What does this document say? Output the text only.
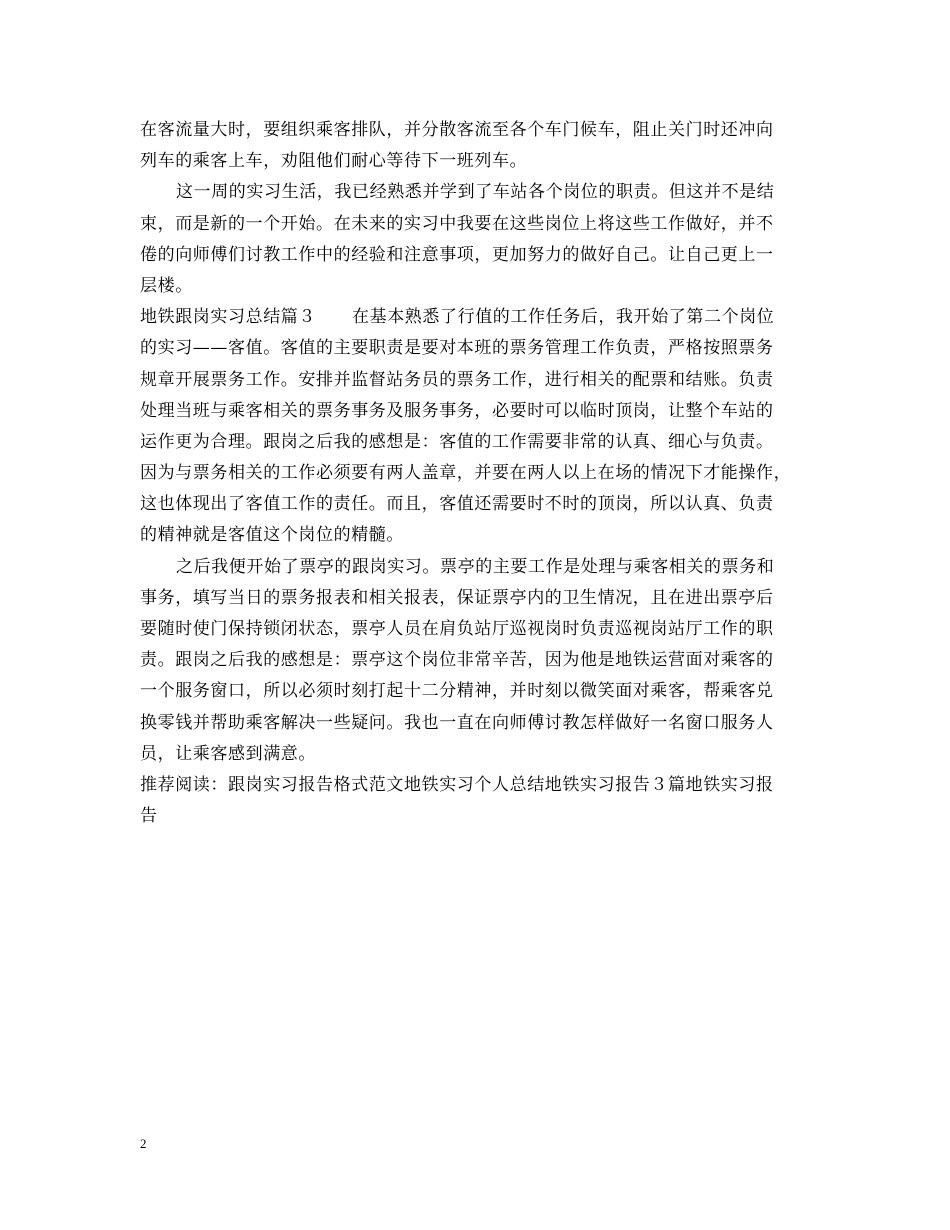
在客流量大时，要组织乘客排队，并分散客流至各个车门候车，阻止关门时还冲向
列车的乘客上车，劝阻他们耐心等待下一班列车。
这一周的实习生活，我已经熟悉并学到了车站各个岗位的职责。但这并不是结
束，而是新的一个开始。在未来的实习中我要在这些岗位上将这些工作做好，并不
倦的向师傅们讨教工作中的经验和注意事项，更加努力的做好自己。让自己更上一
层楼。
地铁跟岗实习总结篇３ 在基本熟悉了行值的工作任务后，我开始了第二个岗位
的实习——客值。客值的主要职责是要对本班的票务管理工作负责，严格按照票务
规章开展票务工作。安排并监督站务员的票务工作，进行相关的配票和结账。负责
处理当班与乘客相关的票务事务及服务事务，必要时可以临时顶岗，让整个车站的
运作更为合理。跟岗之后我的感想是：客值的工作需要非常的认真、细心与负责。
因为与票务相关的工作必须要有两人盖章，并要在两人以上在场的情况下才能操作，
这也体现出了客值工作的责任。而且，客值还需要时不时的顶岗，所以认真、负责
的精神就是客值这个岗位的精髓。
之后我便开始了票亭的跟岗实习。票亭的主要工作是处理与乘客相关的票务和
事务，填写当日的票务报表和相关报表，保证票亭内的卫生情况，且在进出票亭后
要随时使门保持锁闭状态，票亭人员在肩负站厅巡视岗时负责巡视岗站厅工作的职
责。跟岗之后我的感想是：票亭这个岗位非常辛苦，因为他是地铁运营面对乘客的
一个服务窗口，所以必须时刻打起十二分精神，并时刻以微笑面对乘客，帮乘客兑
换零钱并帮助乘客解决一些疑问。我也一直在向师傅讨教怎样做好一名窗口服务人
员，让乘客感到满意。
推荐阅读：跟岗实习报告格式范文地铁实习个人总结地铁实习报告３篇地铁实习报
告
2
